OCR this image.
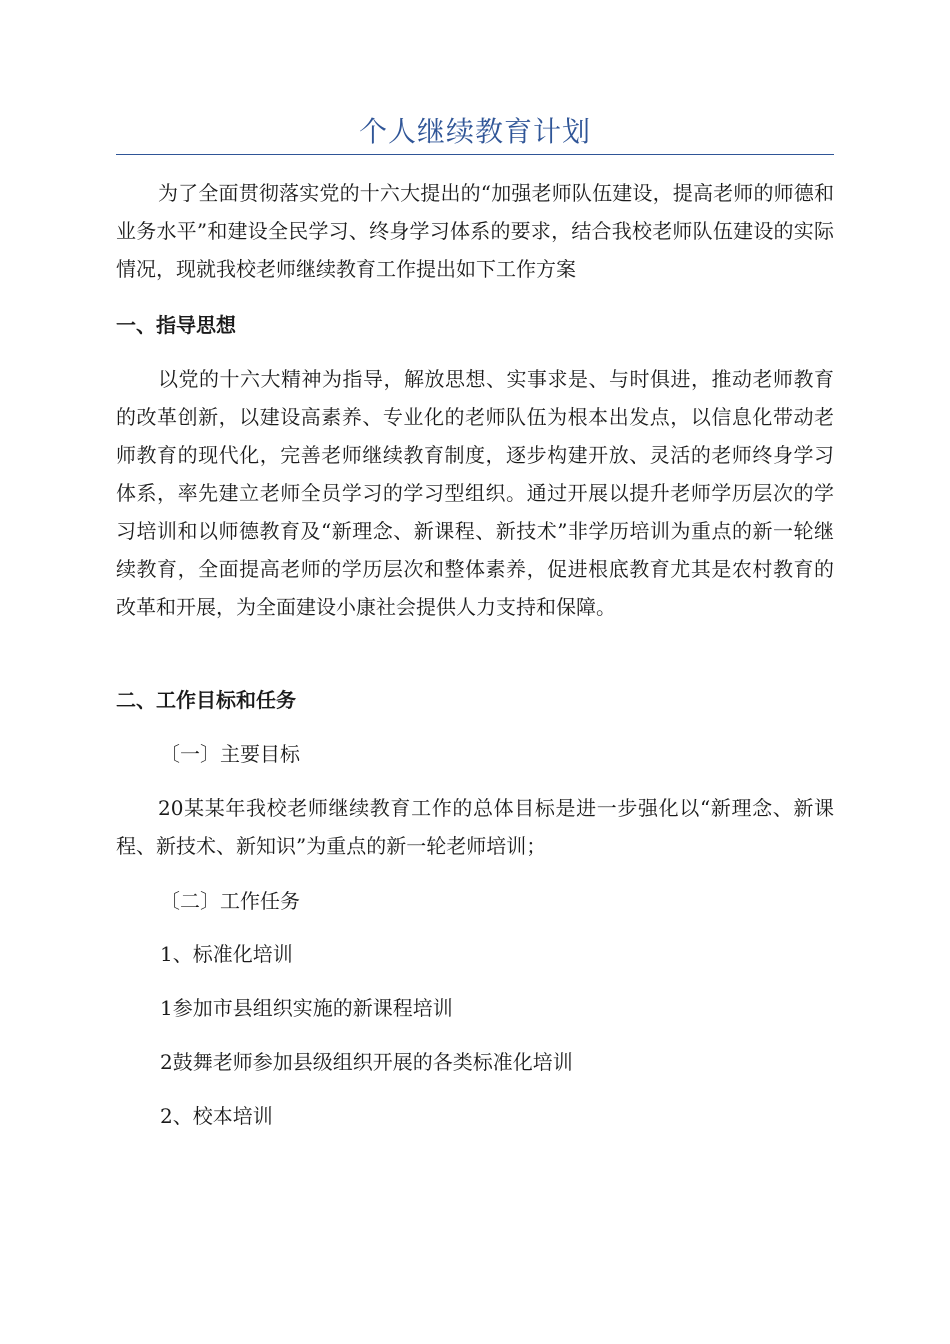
个人继续教育计划

为了全面贯彻落实党的十六大提出的“加强老师队伍建设，提高老师的师德和业务水平”和建设全民学习、终身学习体系的要求，结合我校老师队伍建设的实际情况，现就我校老师继续教育工作提出如下工作方案

一、指导思想

以党的十六大精神为指导，解放思想、实事求是、与时俱进，推动老师教育的改革创新，以建设高素养、专业化的老师队伍为根本出发点，以信息化带动老师教育的现代化，完善老师继续教育制度，逐步构建开放、灵活的老师终身学习体系，率先建立老师全员学习的学习型组织。通过开展以提升老师学历层次的学习培训和以师德教育及“新理念、新课程、新技术”非学历培训为重点的新一轮继续教育，全面提高老师的学历层次和整体素养，促进根底教育尤其是农村教育的改革和开展，为全面建设小康社会提供人力支持和保障。

二、工作目标和任务

〔一〕主要目标

20某某年我校老师继续教育工作的总体目标是进一步强化以“新理念、新课程、新技术、新知识”为重点的新一轮老师培训；

〔二〕工作任务

1、标准化培训

1参加市县组织实施的新课程培训

2鼓舞老师参加县级组织开展的各类标准化培训

2、校本培训
